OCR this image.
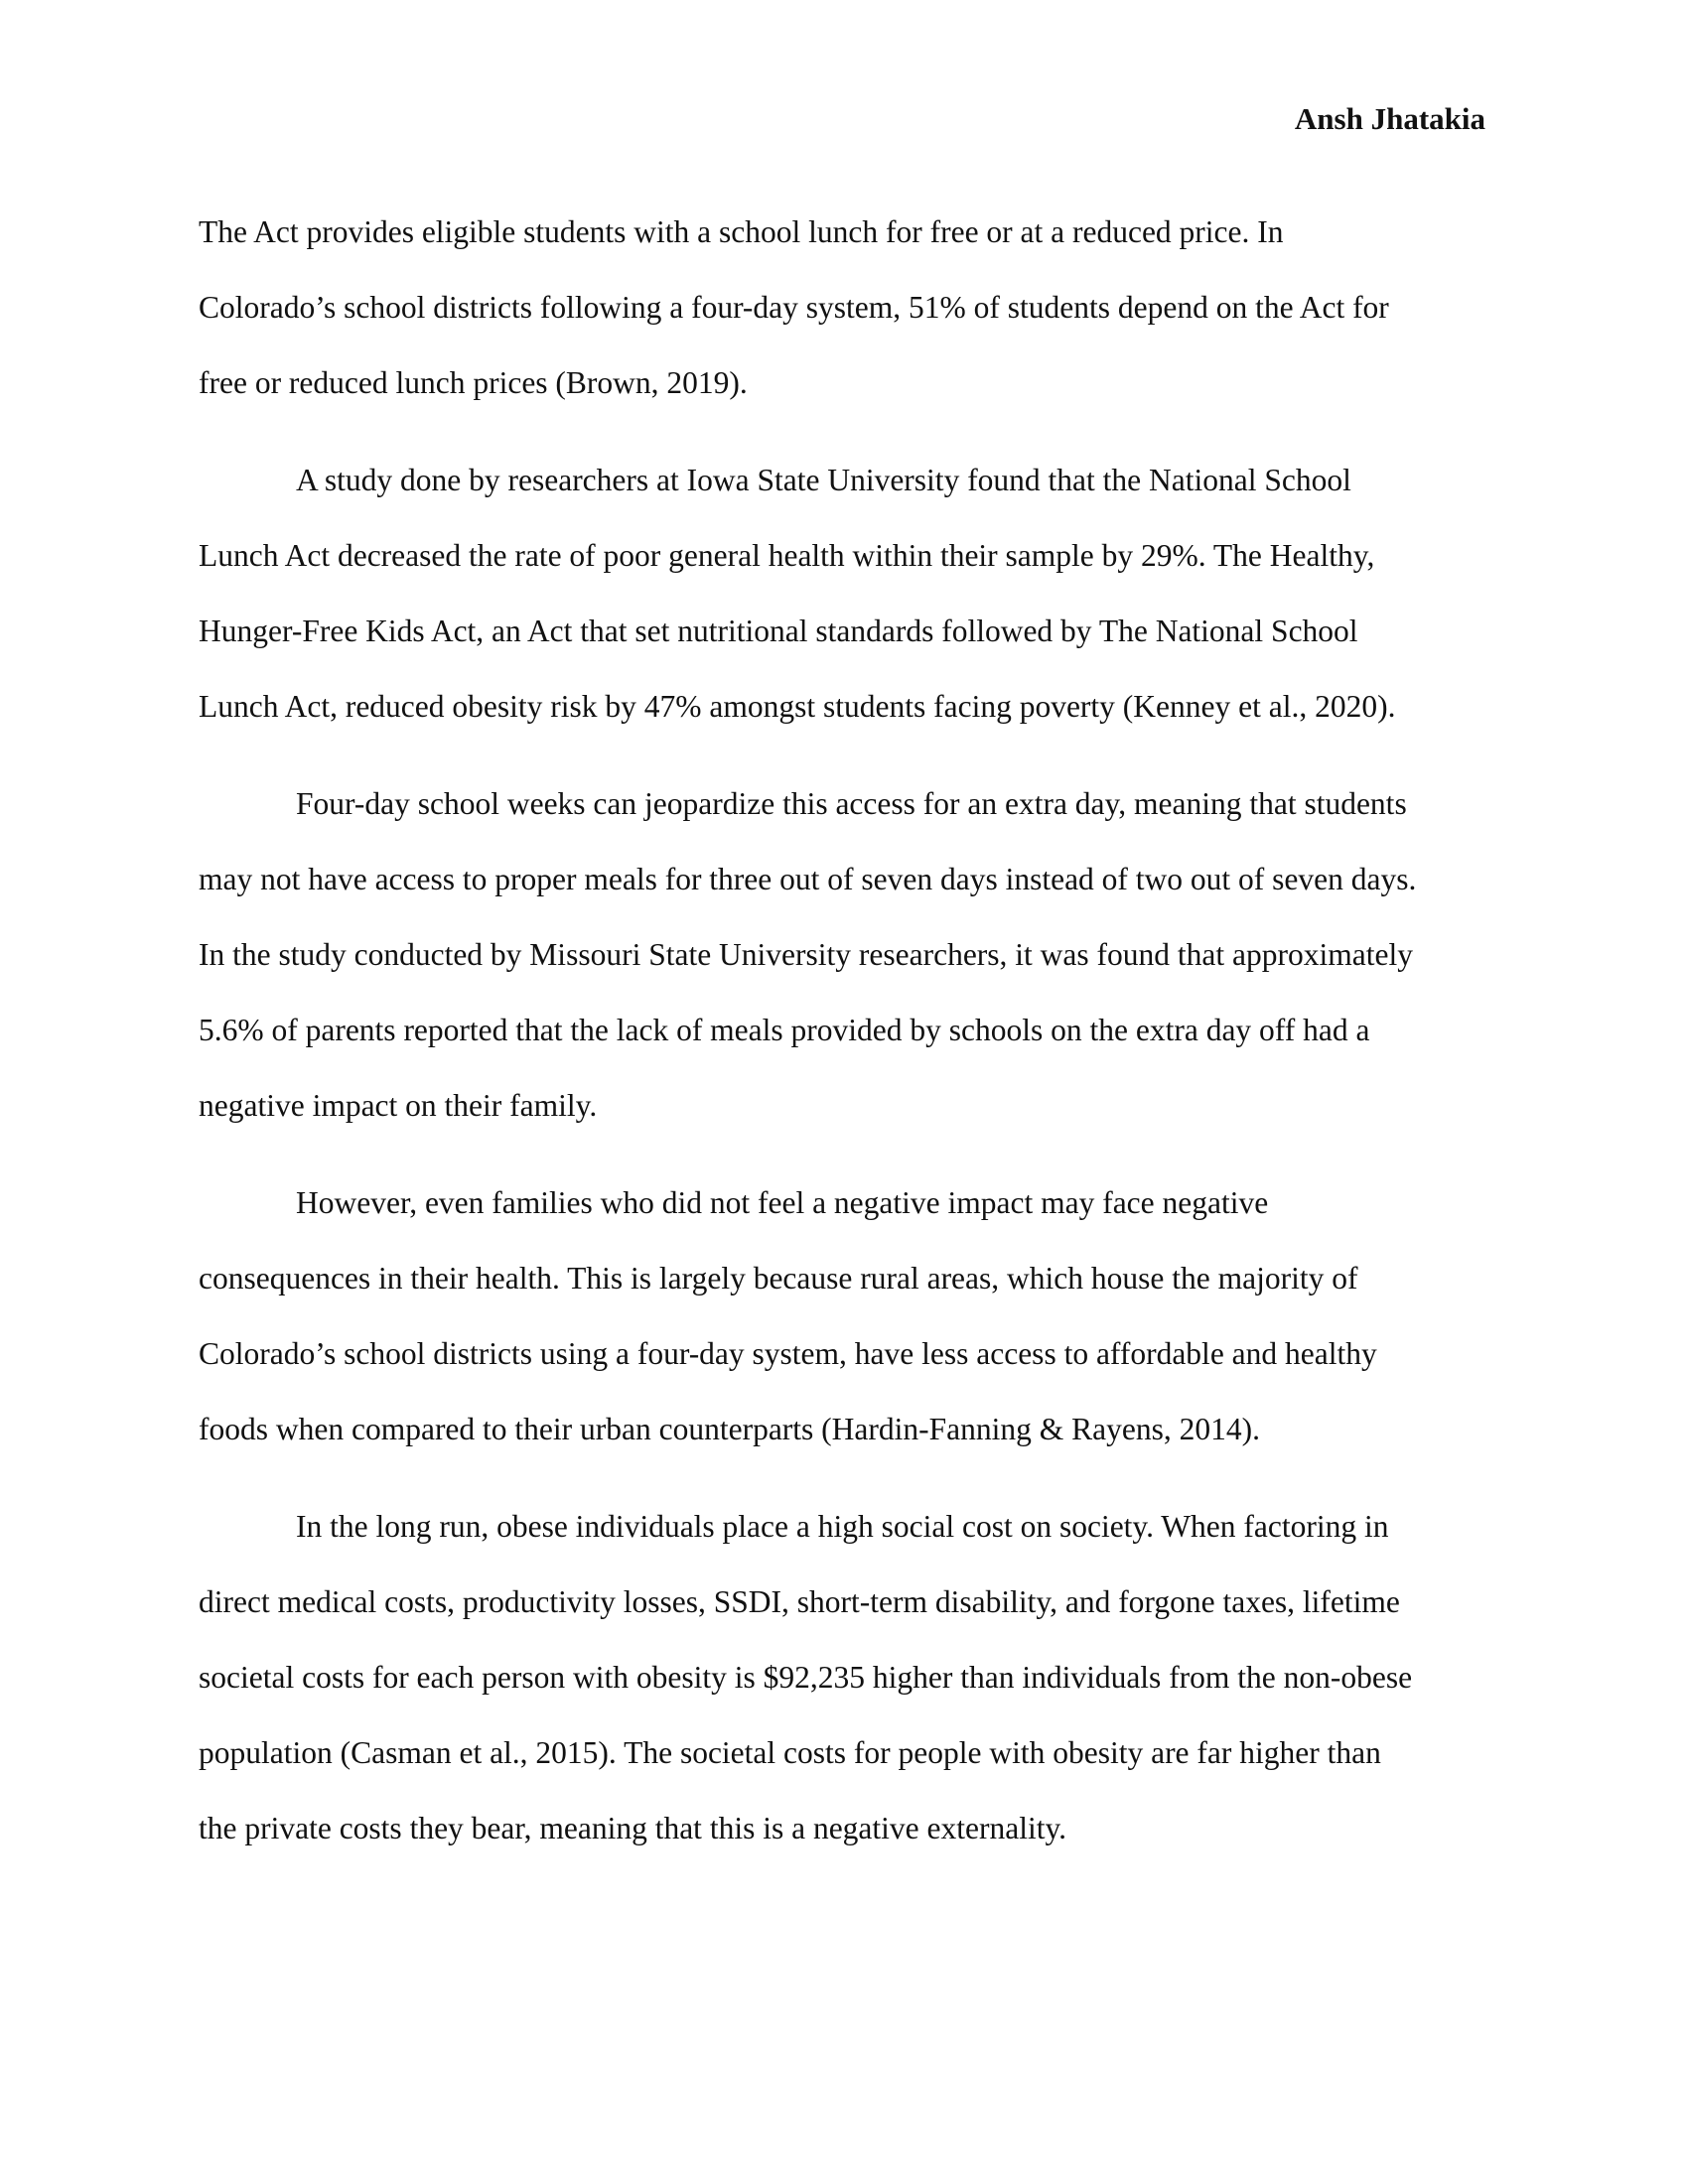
Ansh Jhatakia

The Act provides eligible students with a school lunch for free or at a reduced price. In
Colorado’s school districts following a four-day system, 51% of students depend on the Act for
free or reduced lunch prices (Brown, 2019).

A study done by researchers at Iowa State University found that the National School
Lunch Act decreased the rate of poor general health within their sample by 29%. The Healthy,
Hunger-Free Kids Act, an Act that set nutritional standards followed by The National School
Lunch Act, reduced obesity risk by 47% amongst students facing poverty (Kenney et al., 2020).

Four-day school weeks can jeopardize this access for an extra day, meaning that students
may not have access to proper meals for three out of seven days instead of two out of seven days.
In the study conducted by Missouri State University researchers, it was found that approximately
5.6% of parents reported that the lack of meals provided by schools on the extra day off had a
negative impact on their family.

However, even families who did not feel a negative impact may face negative
consequences in their health. This is largely because rural areas, which house the majority of
Colorado’s school districts using a four-day system, have less access to affordable and healthy
foods when compared to their urban counterparts (Hardin-Fanning & Rayens, 2014).

In the long run, obese individuals place a high social cost on society. When factoring in
direct medical costs, productivity losses, SSDI, short-term disability, and forgone taxes, lifetime
societal costs for each person with obesity is $92,235 higher than individuals from the non-obese
population (Casman et al., 2015). The societal costs for people with obesity are far higher than
the private costs they bear, meaning that this is a negative externality.
